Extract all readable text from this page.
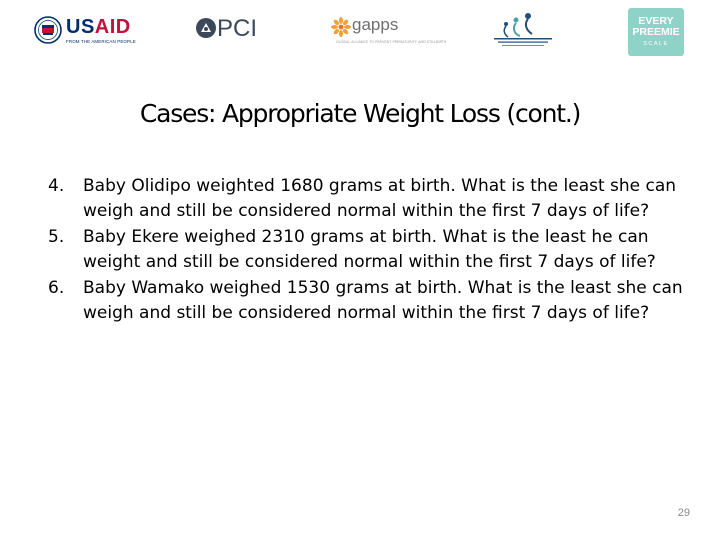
USAID
FROM THE AMERICAN PEOPLE	PCI	gapps
GLOBAL ALLIANCE TO PREVENT PREMATURITY AND STILLBIRTH
EVERY
PREEMIE
SCALE
Cases: Appropriate Weight Loss (cont.)
4. Baby Olidipo weighted 1680 grams at birth. What is the least she can weigh and still be considered normal within the first 7 days of life?
5. Baby Ekere weighed 2310 grams at birth. What is the least he can weight and still be considered normal within the first 7 days of life?
6. Baby Wamako weighed 1530 grams at birth. What is the least she can weigh and still be considered normal within the first 7 days of life?
29
